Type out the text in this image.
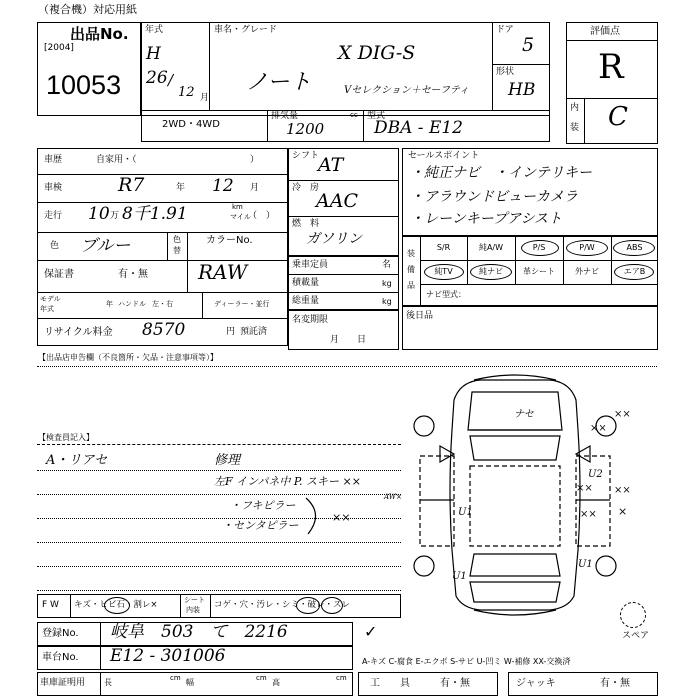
（複合機）対応用紙
出品No.
[2004]
10053
年式
H
26 /
12 月
車名・グレード
X DIG-S
ノート	Vセレクション＋セーフティ
ドア
5
形状
HB
2WD・4WD
排気量	cc
1200
型式
DBA - E12
評価点
R
内
装 C
車歴	自家用・（	）
車検	R7	年 12 月
走行 10 万 8千1.91	km
マイル
（　）
色 ブルー	色
替
カラーNo.
RAW
保証書	有・無
モデル
年式
年 ハンドル 左・右	ディーラー・並行
リサイクル料金 8570	円 預託済
シフト
AT
冷 房
AAC
燃 料
ガソリン
セールスポイント
・純正ナビ　・インテリキー
・アラウンドビューカメラ
・レーンキープアシスト
装
備
品
S/R	純A/W	P/S	P/W	ABS
純TV	純ナビ	革シート	外ナビ	エアB
ナビ型式：
乗車定員	名
積載量	kg
総重量	kg
名変期限
月　　日
後日品
【出品店申告欄（不良箇所・欠品・注意事項等）】
【検査員記入】
A・リアセ	修理
左F インパネ中 P. スキー ××
・フキピラー
・センタピラー
××
ナセ	××
××
U2
×× ××
××
U1
U1
U1
×
AW×
スペア
F W キズ・ヒビ石・割レ×	シート
内装 コゲ・穴・汚レ・シミ・破レ・スレ
登録No. 岐阜　503　て　2216	✓
車台No. E12 - 301006	A-キズ C-腐食 E-エクボ S-サビ U-凹ミ W-補修 XX-交換済
車庫証明用 長	cm 幅	cm 高	cm 工　　具	有・無	ジャッキ	有・無
